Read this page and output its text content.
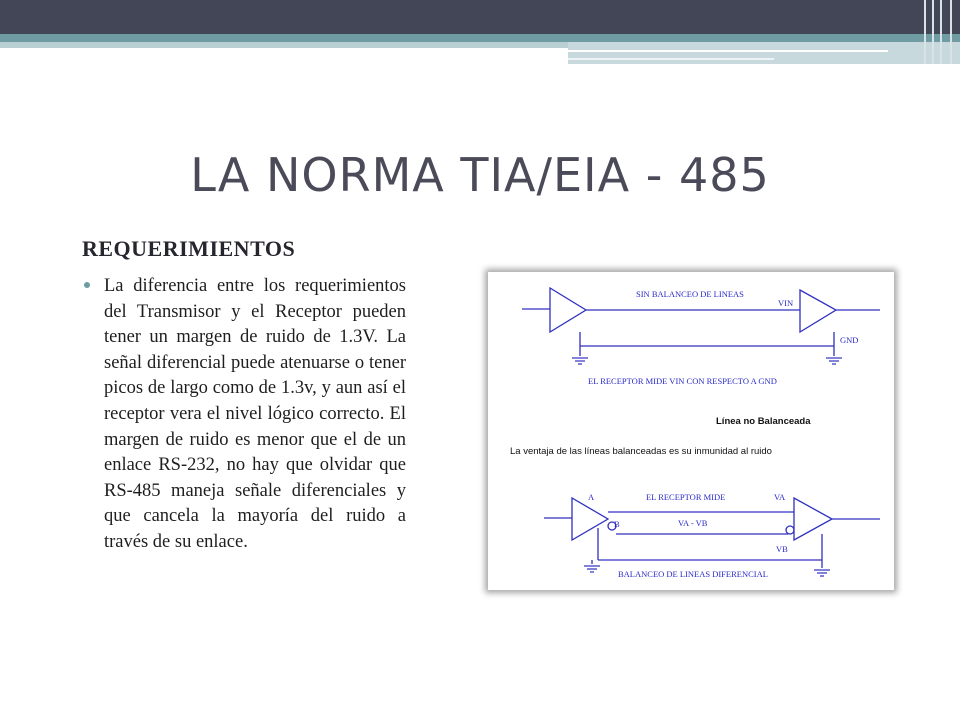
LA NORMA TIA/EIA - 485
REQUERIMIENTOS

La diferencia entre los requerimientos del Transmisor y el Receptor pueden tener un margen de ruido de 1.3V. La señal diferencial puede atenuarse o tener picos de largo como de 1.3v, y aun así el receptor vera el nivel lógico correcto. El margen de ruido es menor que el de un enlace RS-232, no hay que olvidar que RS-485 maneja señale diferenciales y que cancela la mayoría del ruido a través de su enlace.

SIN BALANCEO DE LINEAS
VIN
GND
EL RECEPTOR MIDE VIN CON RESPECTO A GND
Línea no Balanceada
La ventaja de las líneas balanceadas es su inmunidad al ruido
A
B
EL RECEPTOR MIDE	VA
VA - VB
VB
BALANCEO DE LINEAS DIFERENCIAL
